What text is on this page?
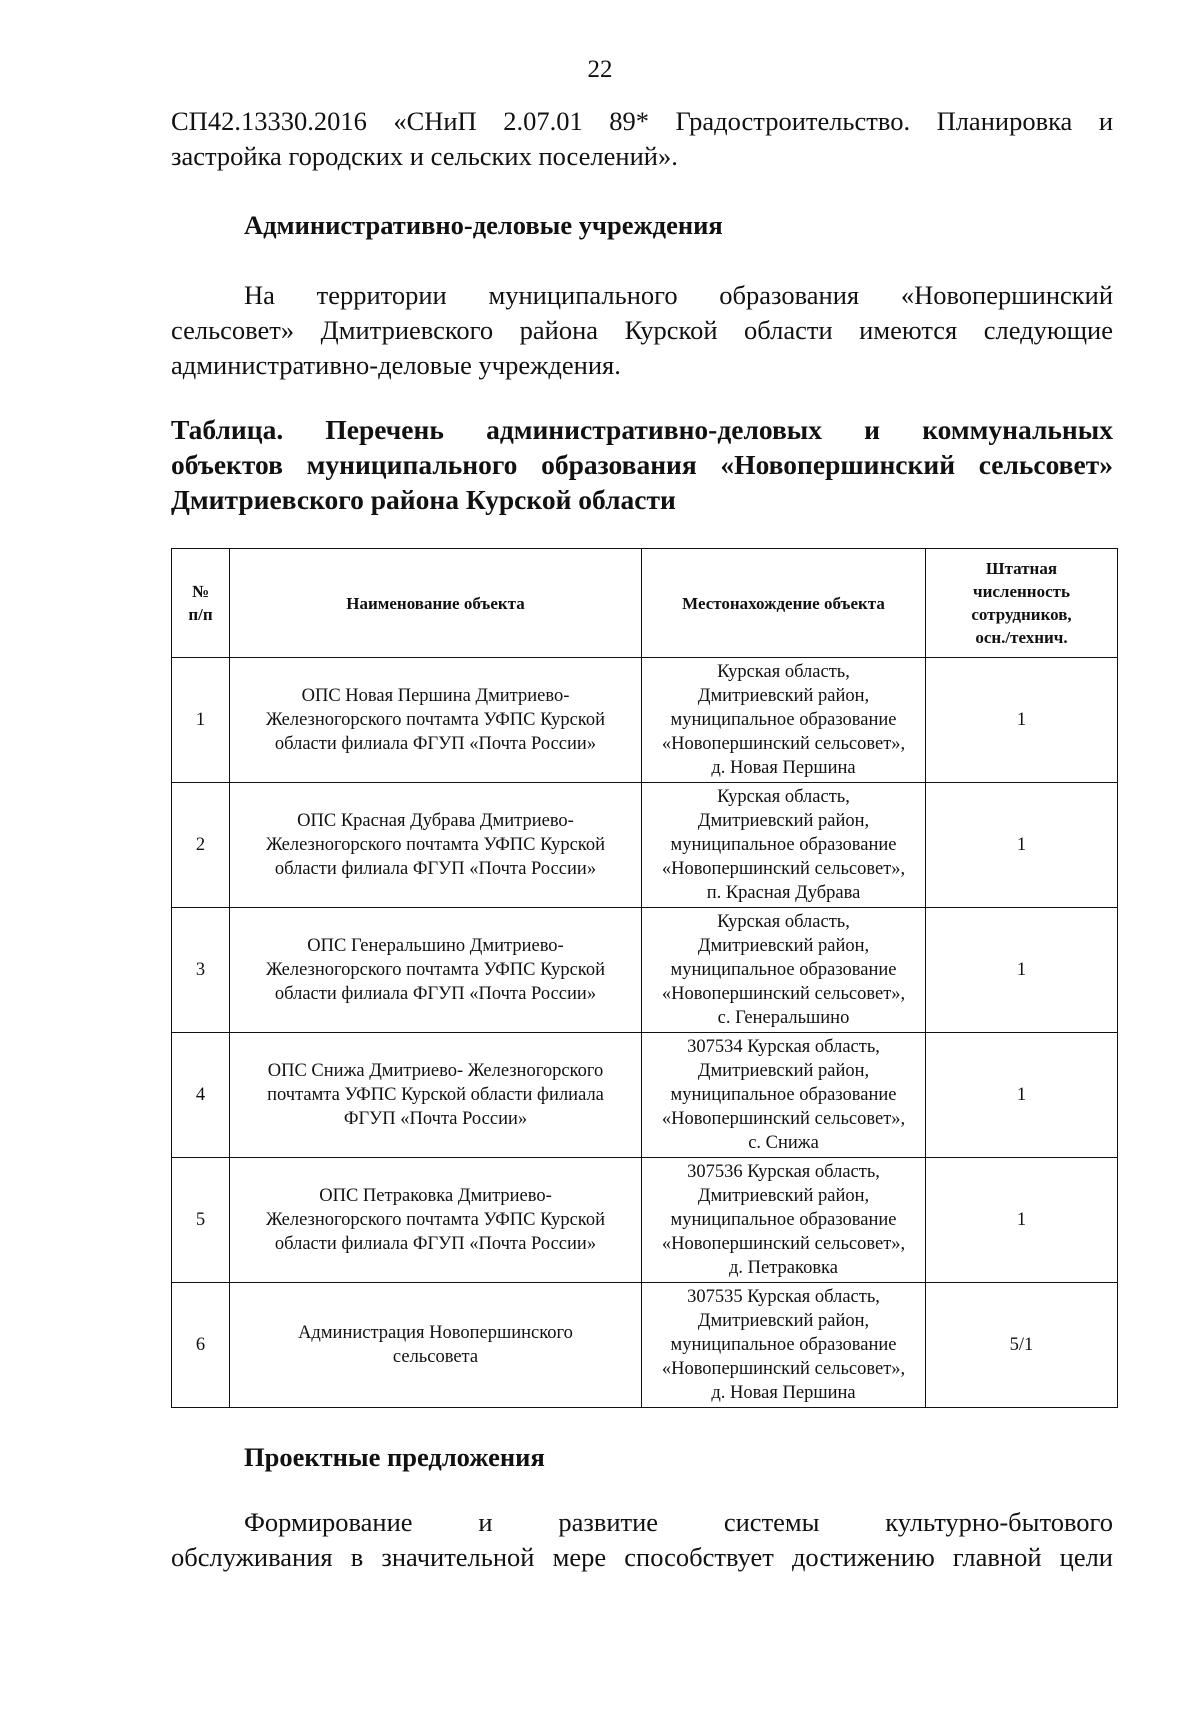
22

СП42.13330.2016 «СНиП 2.07.01 89* Градостроительство. Планировка и
застройка городских и сельских поселений».

Административно-деловые учреждения

На территории муниципального образования «Новопершинский
сельсовет» Дмитриевского района Курской области имеются следующие
административно-деловые учреждения.

Таблица. Перечень административно-деловых и коммунальных
объектов муниципального образования «Новопершинский сельсовет»
Дмитриевского района Курской области

№
п/п	Наименование объекта	Местонахождение объекта	Штатная
численность
сотрудников,
осн./технич.

1	ОПС Новая Першина Дмитриево-
Железногорского почтамта УФПС Курской
области филиала ФГУП «Почта России»	Курская область,
Дмитриевский район,
муниципальное образование
«Новопершинский сельсовет»,
д. Новая Першина	1
2	ОПС Красная Дубрава Дмитриево-
Железногорского почтамта УФПС Курской
области филиала ФГУП «Почта России»	Курская область,
Дмитриевский район,
муниципальное образование
«Новопершинский сельсовет»,
п. Красная Дубрава	1
3	ОПС Генеральшино Дмитриево-
Железногорского почтамта УФПС Курской
области филиала ФГУП «Почта России»	Курская область,
Дмитриевский район,
муниципальное образование
«Новопершинский сельсовет»,
с. Генеральшино	1
4	ОПС Снижа Дмитриево- Железногорского
почтамта УФПС Курской области филиала
ФГУП «Почта России»	307534 Курская область,
Дмитриевский район,
муниципальное образование
«Новопершинский сельсовет»,
с. Снижа	1
5	ОПС Петраковка Дмитриево-
Железногорского почтамта УФПС Курской
области филиала ФГУП «Почта России»	307536 Курская область,
Дмитриевский район,
муниципальное образование
«Новопершинский сельсовет»,
д. Петраковка	1
6	Администрация Новопершинского
сельсовета	307535 Курская область,
Дмитриевский район,
муниципальное образование
«Новопершинский сельсовет»,
д. Новая Першина	5/1
Проектные предложения

Формирование и развитие системы культурно-бытового
обслуживания в значительной мере способствует достижению главной цели
